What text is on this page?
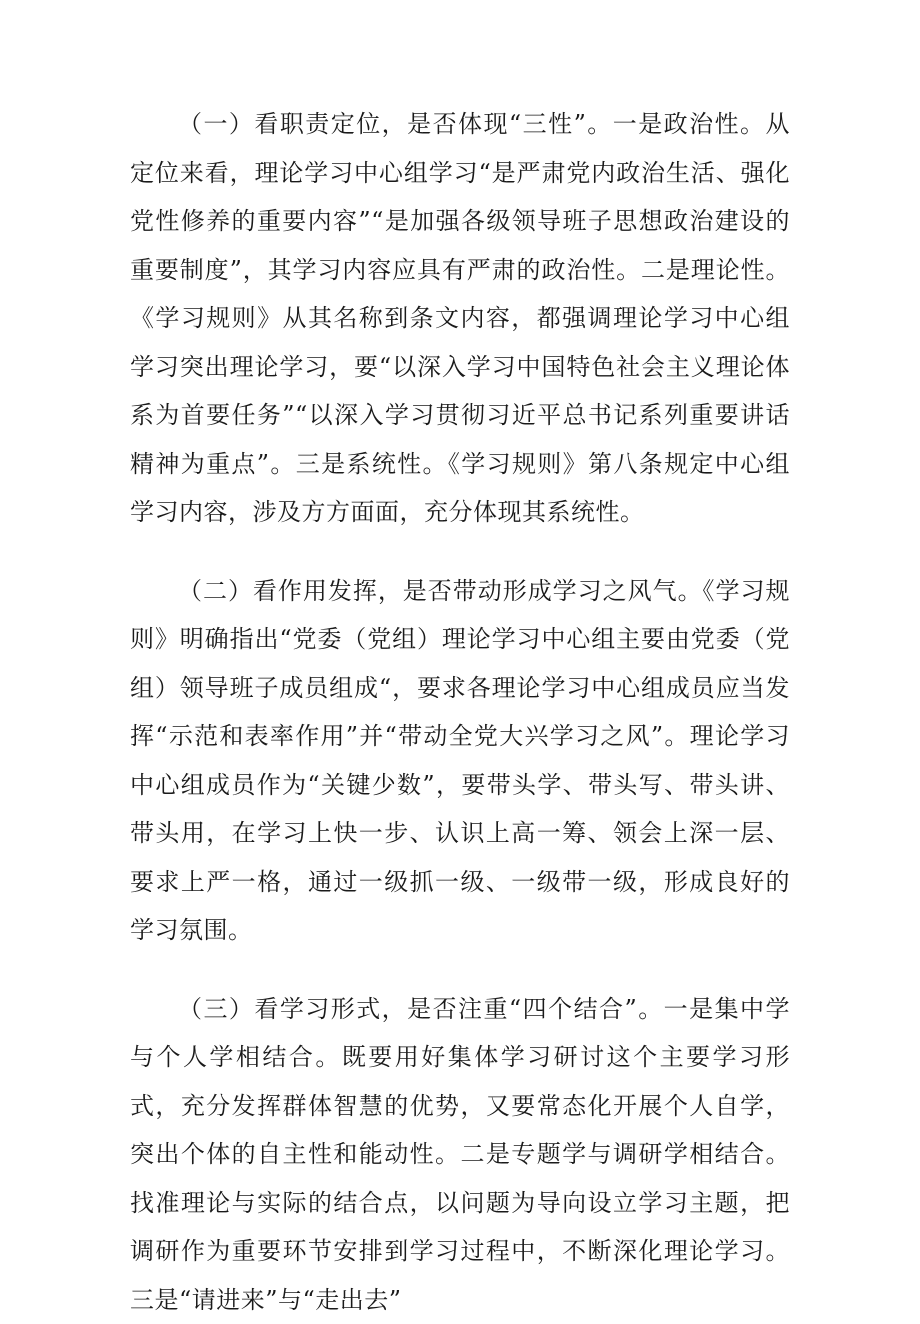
（一）看职责定位，是否体现“三性”。一是政治性。从定位来看，理论学习中心组学习“是严肃党内政治生活、强化党性修养的重要内容”“是加强各级领导班子思想政治建设的重要制度”，其学习内容应具有严肃的政治性。二是理论性。《学习规则》从其名称到条文内容，都强调理论学习中心组学习突出理论学习，要“以深入学习中国特色社会主义理论体系为首要任务”“以深入学习贯彻习近平总书记系列重要讲话精神为重点”。三是系统性。《学习规则》第八条规定中心组学习内容，涉及方方面面，充分体现其系统性。

（二）看作用发挥，是否带动形成学习之风气。《学习规则》明确指出“党委（党组）理论学习中心组主要由党委（党组）领导班子成员组成“，要求各理论学习中心组成员应当发挥“示范和表率作用”并“带动全党大兴学习之风”。理论学习中心组成员作为“关键少数”，要带头学、带头写、带头讲、带头用，在学习上快一步、认识上高一筹、领会上深一层、要求上严一格，通过一级抓一级、一级带一级，形成良好的学习氛围。

（三）看学习形式，是否注重“四个结合”。一是集中学与个人学相结合。既要用好集体学习研讨这个主要学习形式，充分发挥群体智慧的优势，又要常态化开展个人自学，突出个体的自主性和能动性。二是专题学与调研学相结合。找准理论与实际的结合点，以问题为导向设立学习主题，把调研作为重要环节安排到学习过程中，不断深化理论学习。三是“请进来”与“走出去”
